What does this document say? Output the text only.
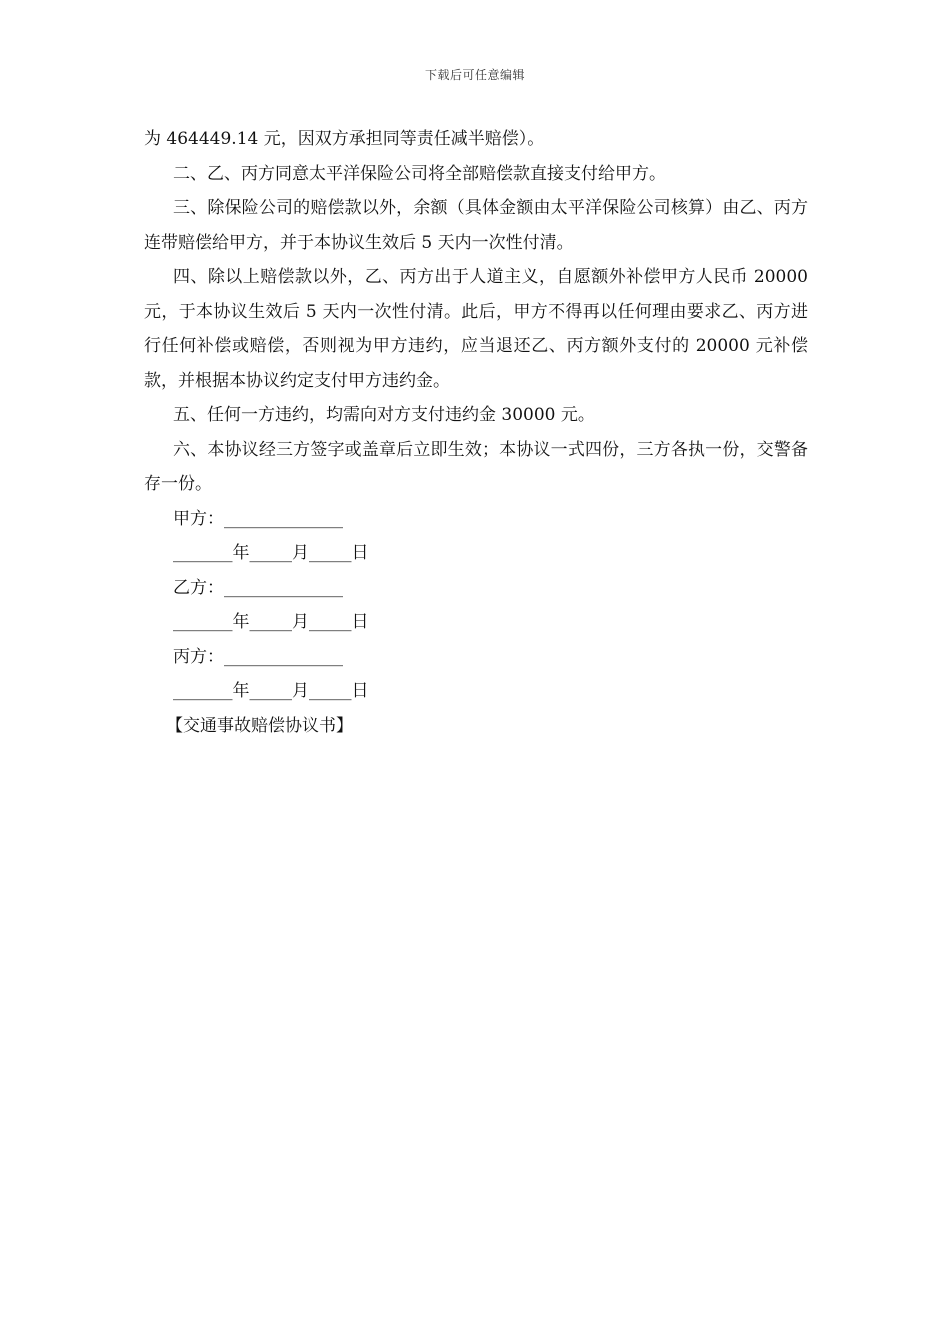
下载后可任意编辑

为 464449.14 元，因双方承担同等责任减半赔偿）。

二、乙、丙方同意太平洋保险公司将全部赔偿款直接支付给甲方。

三、除保险公司的赔偿款以外，余额（具体金额由太平洋保险公司核算）由乙、丙方连带赔偿给甲方，并于本协议生效后 5 天内一次性付清。

四、除以上赔偿款以外，乙、丙方出于人道主义，自愿额外补偿甲方人民币 20000 元，于本协议生效后 5 天内一次性付清。此后，甲方不得再以任何理由要求乙、丙方进行任何补偿或赔偿，否则视为甲方违约，应当退还乙、丙方额外支付的 20000 元补偿款，并根据本协议约定支付甲方违约金。

五、任何一方违约，均需向对方支付违约金 30000 元。

六、本协议经三方签字或盖章后立即生效；本协议一式四份，三方各执一份，交警备存一份。

甲方：______________

_______年_____月_____日

乙方：______________

_______年_____月_____日

丙方：______________

_______年_____月_____日

【交通事故赔偿协议书】
